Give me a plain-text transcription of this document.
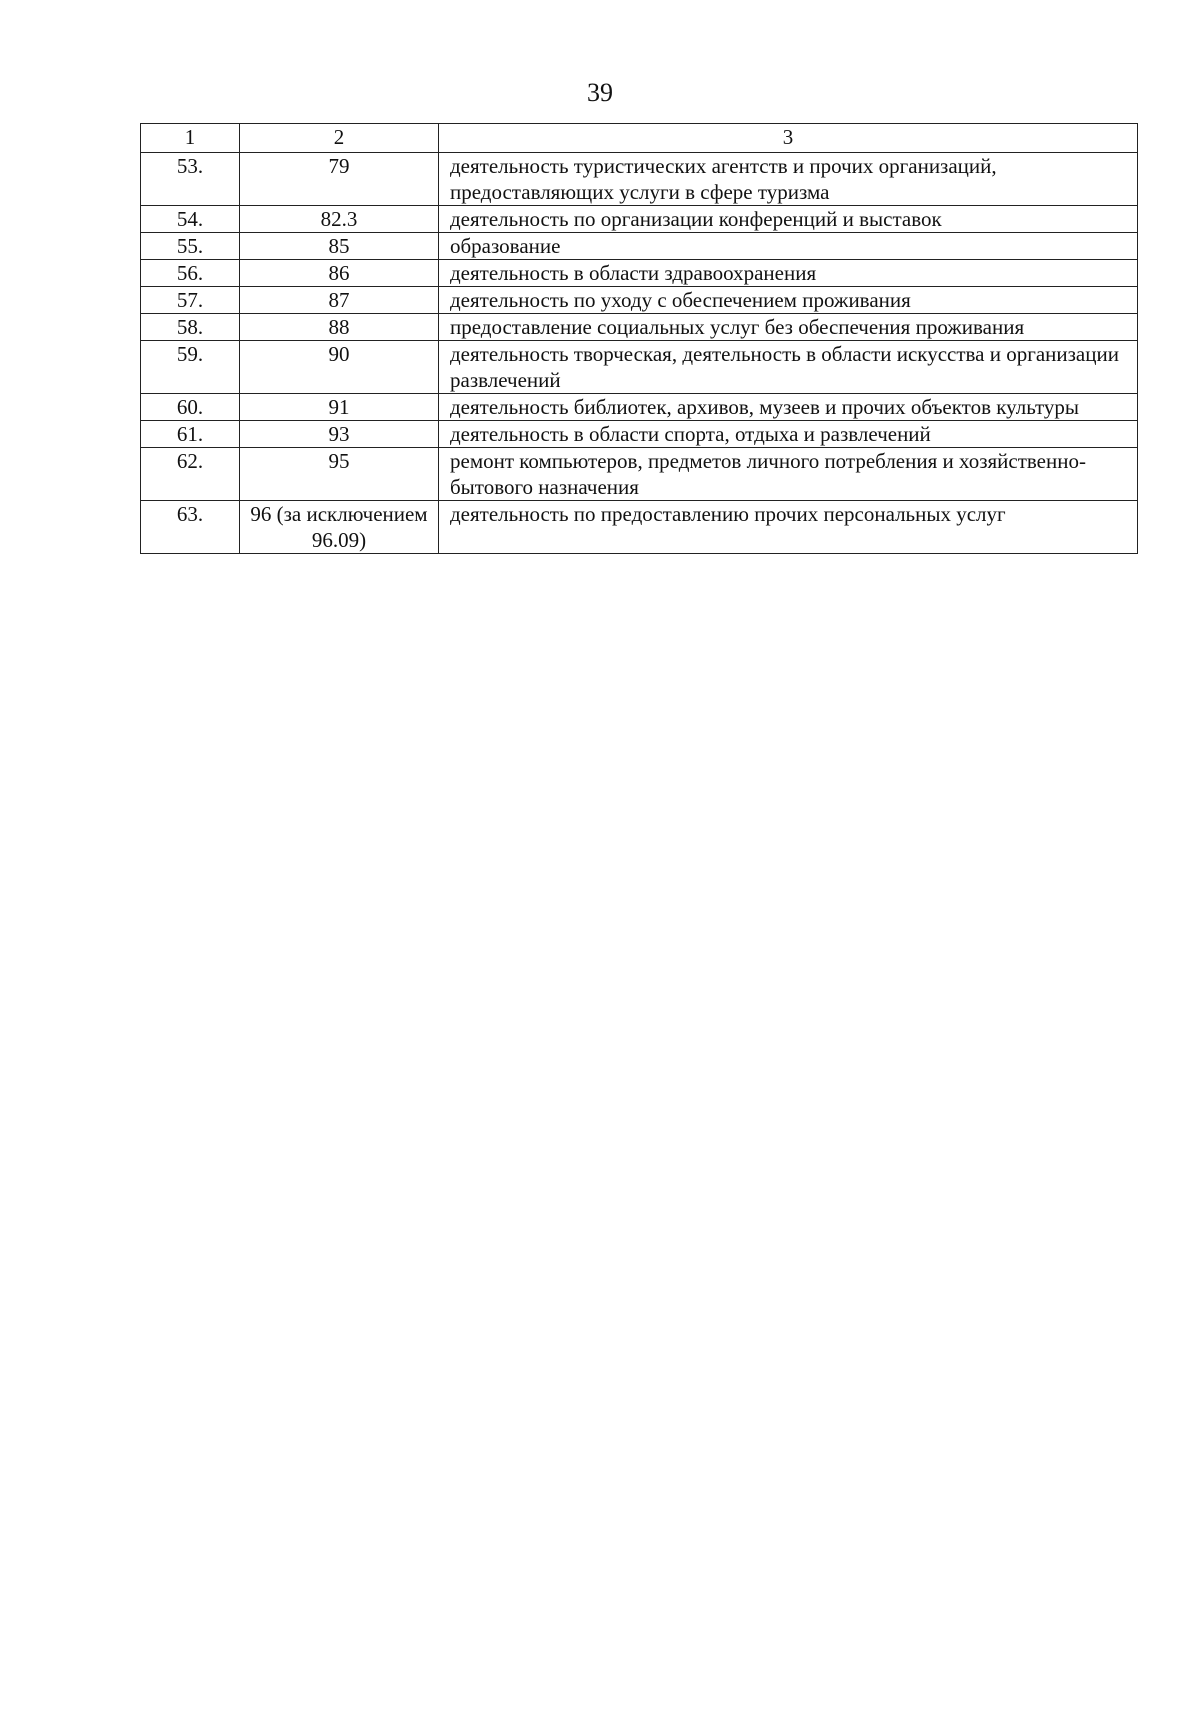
39
1	2	3
53.	79	деятельность туристических агентств и прочих организаций, предоставляющих услуги в сфере туризма
54.	82.3	деятельность по организации конференций и выставок
55.	85	образование
56.	86	деятельность в области здравоохранения
57.	87	деятельность по уходу с обеспечением проживания
58.	88	предоставление социальных услуг без обеспечения проживания
59.	90	деятельность творческая, деятельность в области искусства и организации развлечений
60.	91	деятельность библиотек, архивов, музеев и прочих объектов культуры
61.	93	деятельность в области спорта, отдыха и развлечений
62.	95	ремонт компьютеров, предметов личного потребления и хозяйственно-бытового назначения
63.	96 (за исключением 96.09)	деятельность по предоставлению прочих персональных услуг
